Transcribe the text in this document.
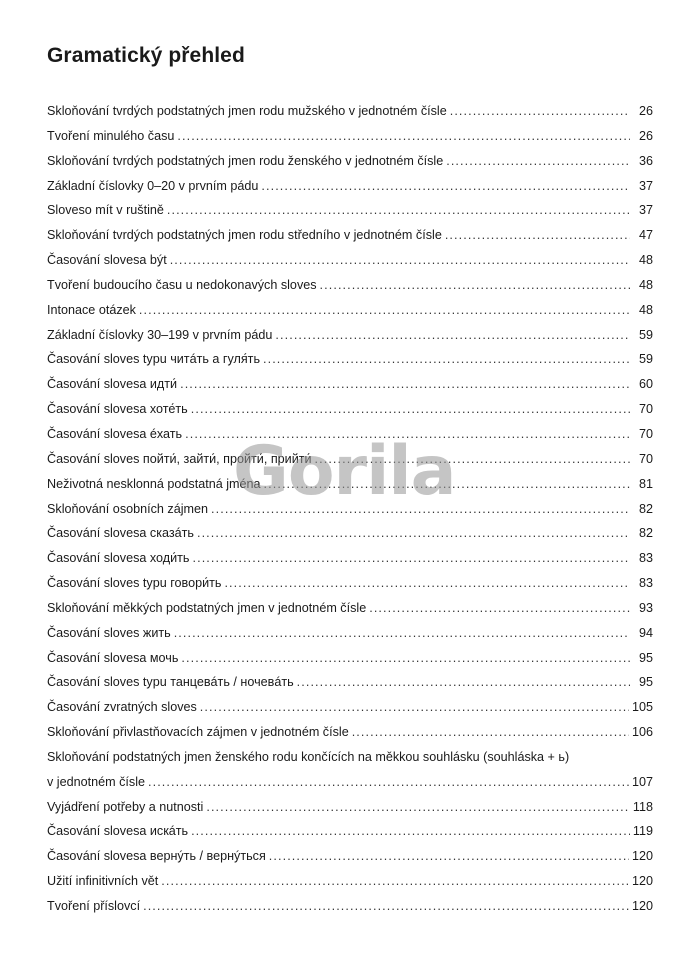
Gramatický přehled
Skloňování tvrdých podstatných jmen rodu mužského v jednotném čísle . . .	26
Tvoření minulého času . . .	26
Skloňování tvrdých podstatných jmen rodu ženského v jednotném čísle . . .	36
Základní číslovky 0–20 v prvním pádu . . .	37
Sloveso mít v ruštině . . .	37
Skloňování tvrdých podstatných jmen rodu středního v jednotném čísle . . .	47
Časování slovesa být . . .	48
Tvoření budoucího času u nedokonavých sloves . . .	48
Intonace otázek . . .	48
Základní číslovky 30–199 v prvním pádu . . .	59
Časování sloves typu читáть a гуля́ть . . .	59
Časování slovesa идти́ . . .	60
Časování slovesa хоте́ть . . .	70
Časování slovesa éхать . . .	70
Časování sloves пойти́, зайти́, пройти́, прийти́ . . .	70
Neživotná nesklonná podstatná jména . . .	81
Skloňování osobních zájmen . . .	82
Časování slovesa сказáть . . .	82
Časování slovesa ходи́ть . . .	83
Časování sloves typu говори́ть . . .	83
Skloňování měkkých podstatných jmen v jednotném čísle . . .	93
Časování sloves жить . . .	94
Časování slovesa мочь . . .	95
Časování sloves typu танцевáть / ночевáть . . .	95
Časování zvratných sloves . . .	105
Skloňování přivlastňovacích zájmen v jednotném čísle . . .	106
Skloňování podstatných jmen ženského rodu končících na měkkou souhlásku (souhláska + ь)
v jednotném čísle . . .	107
Vyjádření potřeby a nutnosti . . .	118
Časování slovesa искáть . . .	119
Časování slovesa вернýть / вернýться . . .	120
Užití infinitivních vět . . .	120
Tvoření příslovcí . . .	120
Gorila
